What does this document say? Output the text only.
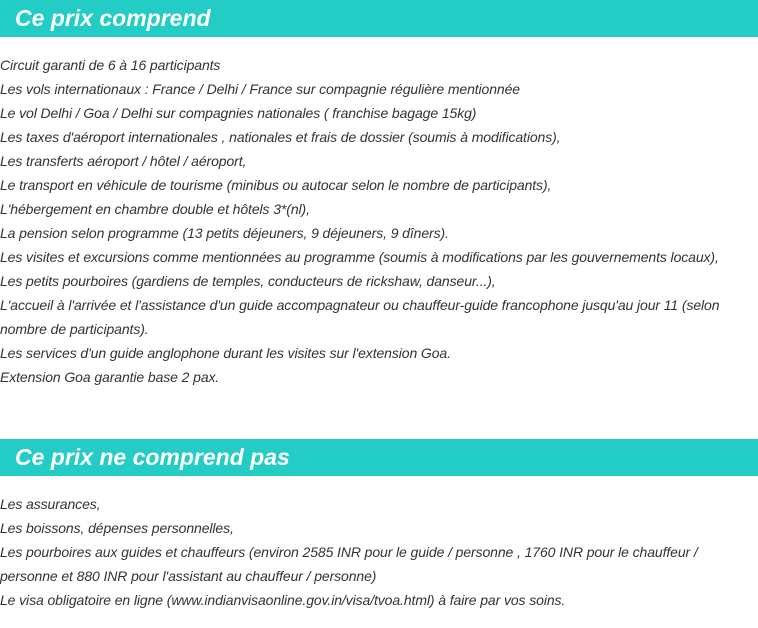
Ce prix comprend
Circuit garanti de 6 à 16 participants
Les vols internationaux : France / Delhi / France sur compagnie régulière mentionnée
Le vol Delhi / Goa / Delhi sur compagnies nationales ( franchise bagage 15kg)
Les taxes d'aéroport internationales , nationales et frais de dossier (soumis à modifications),
Les transferts aéroport / hôtel / aéroport,
Le transport en véhicule de tourisme (minibus ou autocar selon le nombre de participants),
L'hébergement en chambre double et hôtels 3*(nl),
La pension selon programme (13 petits déjeuners, 9 déjeuners, 9 dîners).
Les visites et excursions comme mentionnées au programme (soumis à modifications par les gouvernements locaux),
Les petits pourboires (gardiens de temples, conducteurs de rickshaw, danseur...),
L'accueil à l'arrivée et l'assistance d'un guide accompagnateur ou chauffeur-guide francophone jusqu'au jour 11 (selon nombre de participants).
Les services d'un guide anglophone durant les visites sur l'extension Goa.
Extension Goa garantie base 2 pax.
Ce prix ne comprend pas
Les assurances,
Les boissons, dépenses personnelles,
Les pourboires aux guides et chauffeurs (environ 2585 INR pour le guide / personne , 1760 INR pour le chauffeur / personne et 880 INR pour l'assistant au chauffeur / personne)
Le visa obligatoire en ligne (www.indianvisaonline.gov.in/visa/tvoa.html) à faire par vos soins.
